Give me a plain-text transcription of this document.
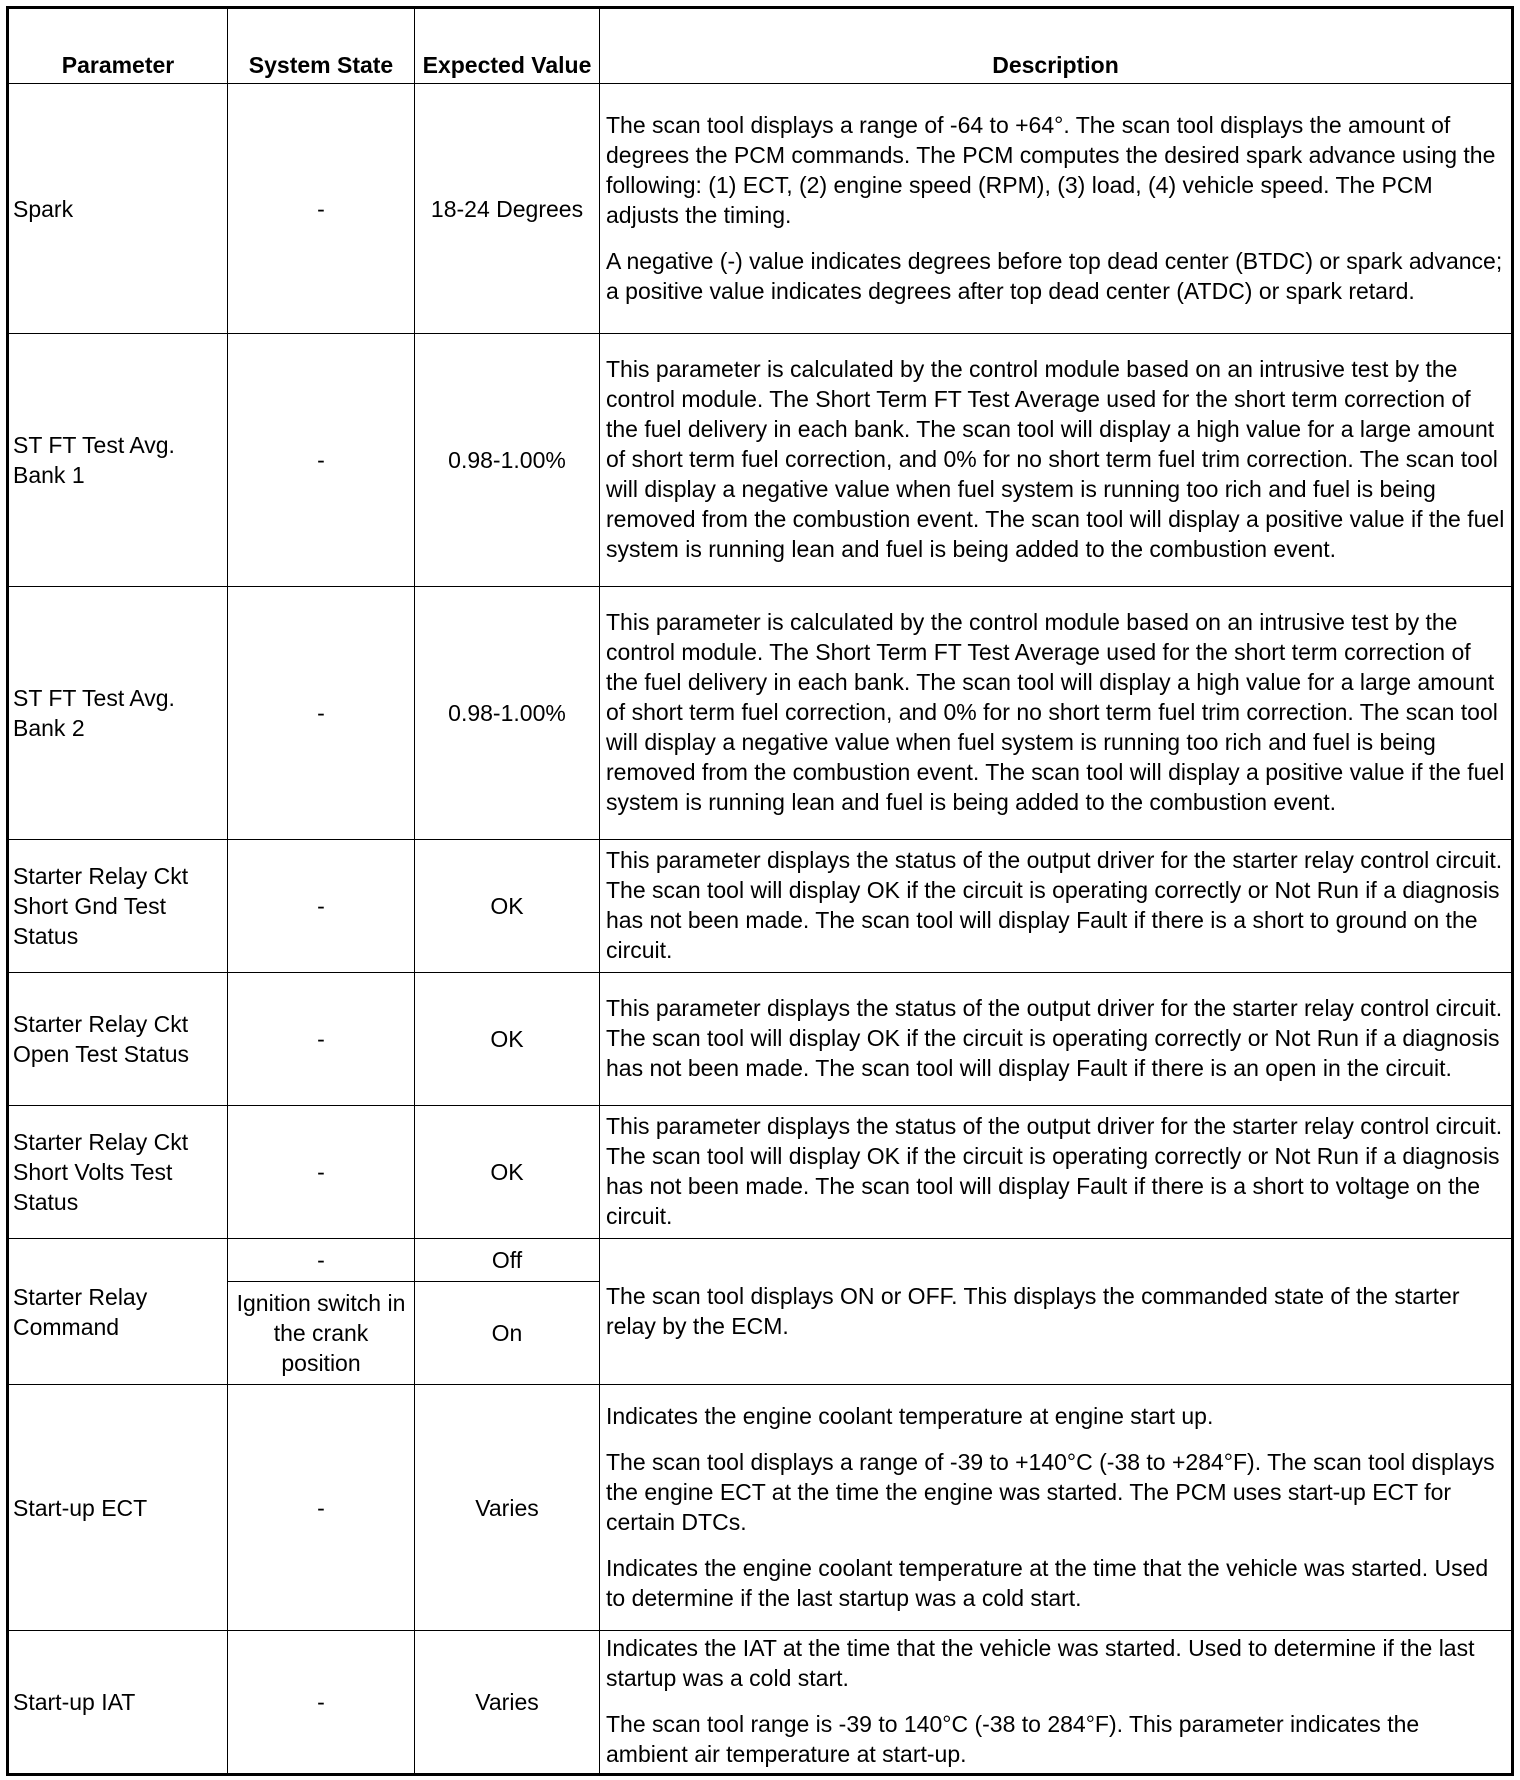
Parameter	System State	Expected Value	Description
Spark	-	18-24 Degrees	The scan tool displays a range of -64 to +64°. The scan tool displays the amount of degrees the PCM commands. The PCM computes the desired spark advance using the following: (1) ECT, (2) engine speed (RPM), (3) load, (4) vehicle speed. The PCM adjusts the timing.

A negative (-) value indicates degrees before top dead center (BTDC) or spark advance; a positive value indicates degrees after top dead center (ATDC) or spark retard.

ST FT Test Avg. Bank 1	-	0.98-1.00%	This parameter is calculated by the control module based on an intrusive test by the control module. The Short Term FT Test Average used for the short term correction of the fuel delivery in each bank. The scan tool will display a high value for a large amount of short term fuel correction, and 0% for no short term fuel trim correction. The scan tool will display a negative value when fuel system is running too rich and fuel is being removed from the combustion event. The scan tool will display a positive value if the fuel system is running lean and fuel is being added to the combustion event.

ST FT Test Avg. Bank 2	-	0.98-1.00%	This parameter is calculated by the control module based on an intrusive test by the control module. The Short Term FT Test Average used for the short term correction of the fuel delivery in each bank. The scan tool will display a high value for a large amount of short term fuel correction, and 0% for no short term fuel trim correction. The scan tool will display a negative value when fuel system is running too rich and fuel is being removed from the combustion event. The scan tool will display a positive value if the fuel system is running lean and fuel is being added to the combustion event.

Starter Relay Ckt Short Gnd Test Status	-	OK	This parameter displays the status of the output driver for the starter relay control circuit. The scan tool will display OK if the circuit is operating correctly or Not Run if a diagnosis has not been made. The scan tool will display Fault if there is a short to ground on the circuit.

Starter Relay Ckt Open Test Status	-	OK	This parameter displays the status of the output driver for the starter relay control circuit. The scan tool will display OK if the circuit is operating correctly or Not Run if a diagnosis has not been made. The scan tool will display Fault if there is an open in the circuit.

Starter Relay Ckt Short Volts Test Status	-	OK	This parameter displays the status of the output driver for the starter relay control circuit. The scan tool will display OK if the circuit is operating correctly or Not Run if a diagnosis has not been made. The scan tool will display Fault if there is a short to voltage on the circuit.

Starter Relay Command	-	Off	The scan tool displays ON or OFF. This displays the commanded state of the starter relay by the ECM.

	Ignition switch in the crank position	On	
Start-up ECT	-	Varies	Indicates the engine coolant temperature at engine start up.

The scan tool displays a range of -39 to +140°C (-38 to +284°F). The scan tool displays the engine ECT at the time the engine was started. The PCM uses start-up ECT for certain DTCs.

Indicates the engine coolant temperature at the time that the vehicle was started. Used to determine if the last startup was a cold start.

Start-up IAT	-	Varies	Indicates the IAT at the time that the vehicle was started. Used to determine if the last startup was a cold start.

The scan tool range is -39 to 140°C (-38 to 284°F). This parameter indicates the ambient air temperature at start-up.
